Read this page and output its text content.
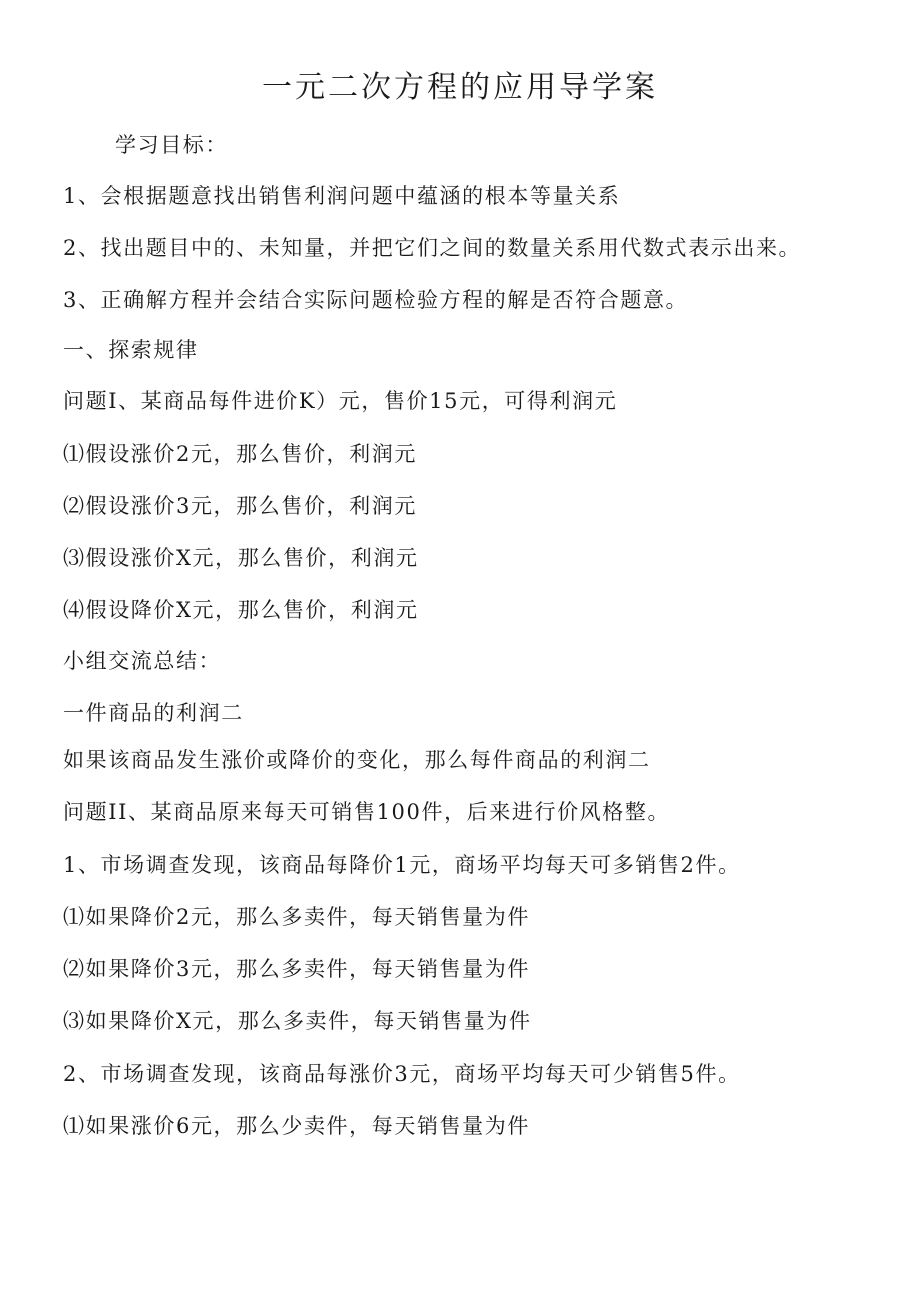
一元二次方程的应用导学案
学习目标：
1、会根据题意找出销售利润问题中蕴涵的根本等量关系
2、找出题目中的、未知量，并把它们之间的数量关系用代数式表示出来。
3、正确解方程并会结合实际问题检验方程的解是否符合题意。
一、探索规律
问题I、某商品每件进价K）元，售价15元，可得利润元
⑴假设涨价2元，那么售价，利润元
⑵假设涨价3元，那么售价，利润元
⑶假设涨价X元，那么售价，利润元
⑷假设降价X元，那么售价，利润元
小组交流总结：
一件商品的利润二
如果该商品发生涨价或降价的变化，那么每件商品的利润二
问题II、某商品原来每天可销售100件，后来进行价风格整。
1、市场调查发现，该商品每降价1元，商场平均每天可多销售2件。
⑴如果降价2元，那么多卖件，每天销售量为件
⑵如果降价3元，那么多卖件，每天销售量为件
⑶如果降价X元，那么多卖件，每天销售量为件
2、市场调查发现，该商品每涨价3元，商场平均每天可少销售5件。
⑴如果涨价6元，那么少卖件，每天销售量为件
